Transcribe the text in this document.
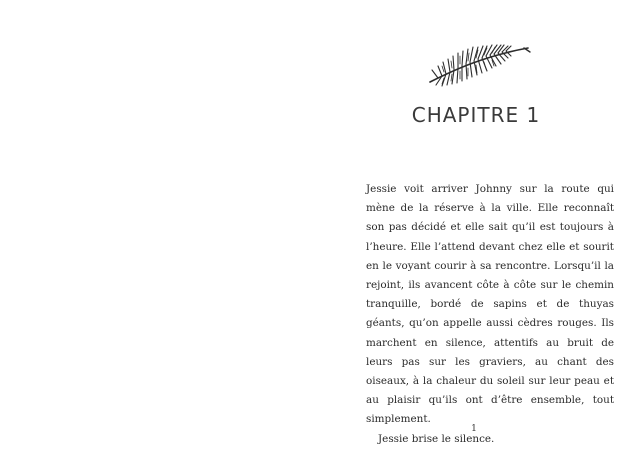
CHAPITRE 1

Jessie voit arriver Johnny sur la route qui mène de la réserve à la ville. Elle reconnaît son pas décidé et elle sait qu’il est toujours à l’heure. Elle l’attend devant chez elle et sourit en le voyant courir à sa rencontre. Lorsqu’il la rejoint, ils avancent côte à côte sur le chemin tranquille, bordé de sapins et de thuyas géants, qu’on appelle aussi cèdres rouges. Ils marchent en silence, attentifs au bruit de leurs pas sur les graviers, au chant des oiseaux, à la chaleur du soleil sur leur peau et au plaisir qu’ils ont d’être ensemble, tout simplement.

Jessie brise le silence.

1
